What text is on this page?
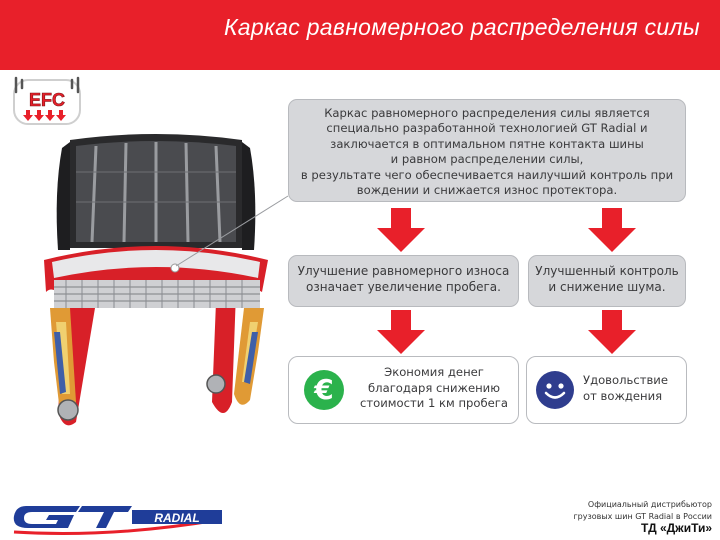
Каркас равномерного распределения силы
EFC
Каркас равномерного распределения силы является
специально разработанной технологией GT Radial и
заключается в оптимальном пятне контакта шины
и равном распределении силы,
в результате чего обеспечивается наилучший контроль при
вождении и снижается износ протектора.
Улучшение равномерного износа
означает увеличение пробега.
Улучшенный контроль
и снижение шума.
€
Экономия денег
благодаря снижению
стоимости 1 км пробега
Удовольствие
от вождения
RADIAL
GT
Официальный дистрибьютор
грузовых шин GT Radial в России
ТД «ДжиТи»
